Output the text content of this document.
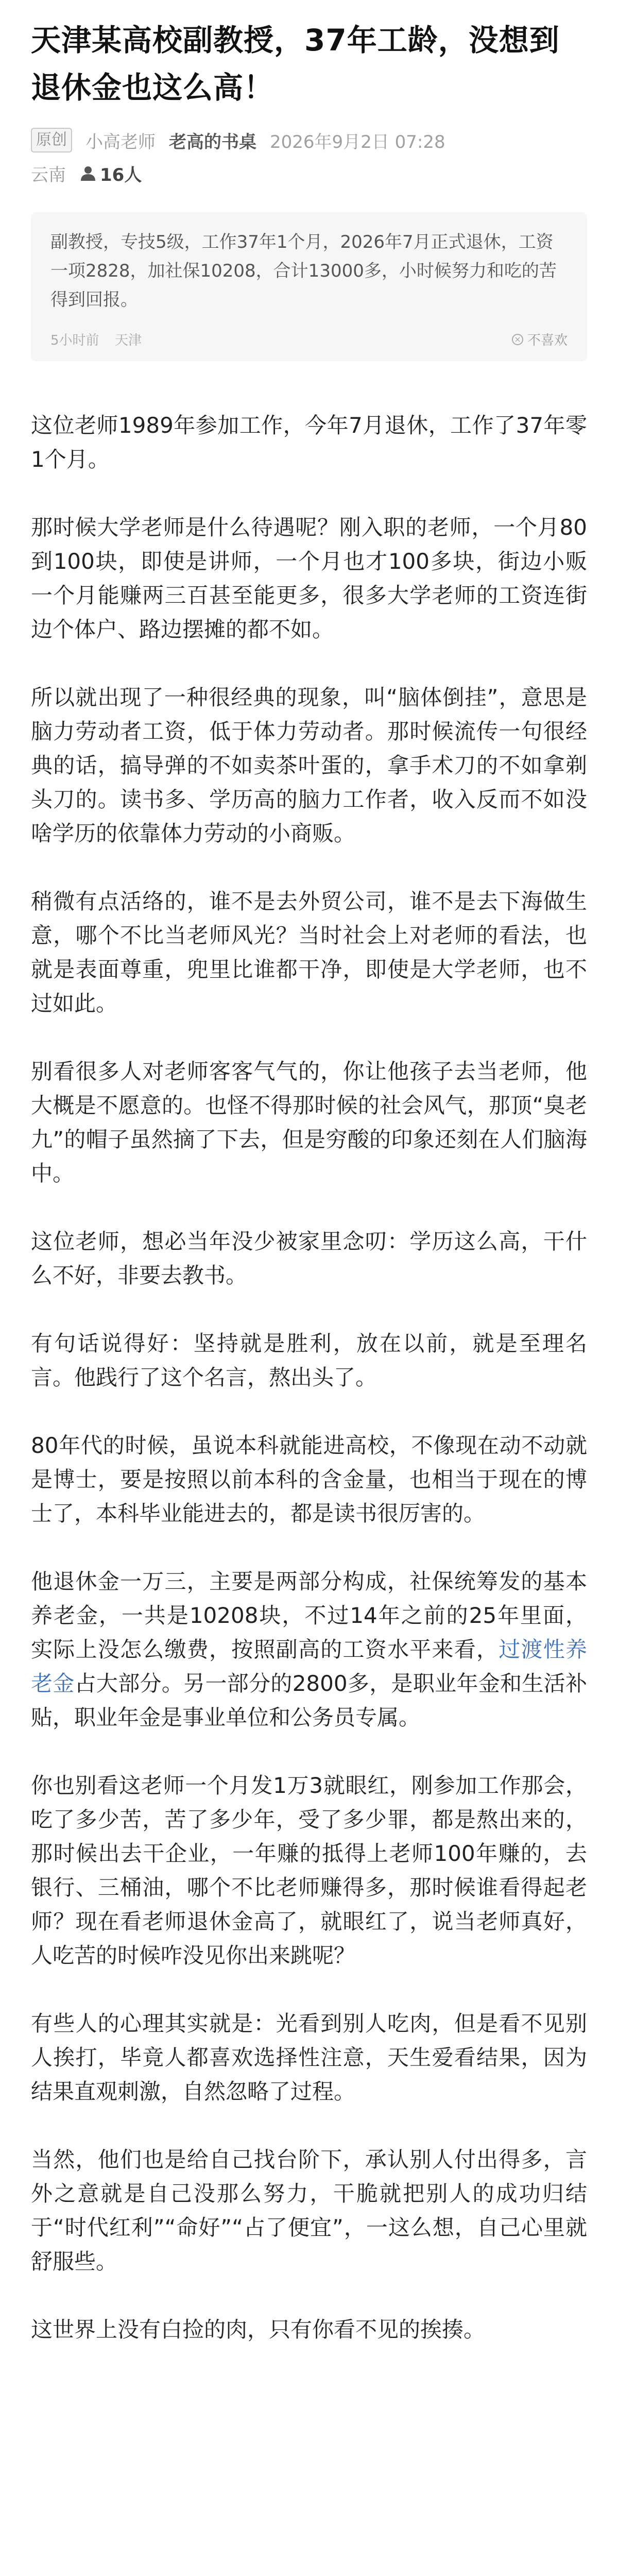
天津某高校副教授，37年工龄，没想到退休金也这么高！
原创 小高老师 老高的书桌 2026年9月2日 07:28
云南 16人

副教授，专技5级，工作37年1个月，2026年7月正式退休，工资一项2828，加社保10208，合计13000多，小时候努力和吃的苦得到回报。

5小时前 天津	× 不喜欢

这位老师1989年参加工作，今年7月退休，工作了37年零1个月。

那时候大学老师是什么待遇呢？刚入职的老师，一个月80到100块，即使是讲师，一个月也才100多块，街边小贩一个月能赚两三百甚至能更多，很多大学老师的工资连街边个体户、路边摆摊的都不如。

所以就出现了一种很经典的现象，叫“脑体倒挂”，意思是脑力劳动者工资，低于体力劳动者。那时候流传一句很经典的话，搞导弹的不如卖茶叶蛋的，拿手术刀的不如拿剃头刀的。读书多、学历高的脑力工作者，收入反而不如没啥学历的依靠体力劳动的小商贩。

稍微有点活络的，谁不是去外贸公司，谁不是去下海做生意，哪个不比当老师风光？当时社会上对老师的看法，也就是表面尊重，兜里比谁都干净，即使是大学老师，也不过如此。

别看很多人对老师客客气气的，你让他孩子去当老师，他大概是不愿意的。也怪不得那时候的社会风气，那顶“臭老九”的帽子虽然摘了下去，但是穷酸的印象还刻在人们脑海中。

这位老师，想必当年没少被家里念叨：学历这么高，干什么不好，非要去教书。

有句话说得好：坚持就是胜利，放在以前，就是至理名言。他践行了这个名言，熬出头了。

80年代的时候，虽说本科就能进高校，不像现在动不动就是博士，要是按照以前本科的含金量，也相当于现在的博士了，本科毕业能进去的，都是读书很厉害的。

他退休金一万三，主要是两部分构成，社保统筹发的基本养老金，一共是10208块，不过14年之前的25年里面，实际上没怎么缴费，按照副高的工资水平来看，过渡性养老金占大部分。另一部分的2800多，是职业年金和生活补贴，职业年金是事业单位和公务员专属。

你也别看这老师一个月发1万3就眼红，刚参加工作那会，吃了多少苦，苦了多少年，受了多少罪，都是熬出来的，那时候出去干企业，一年赚的抵得上老师100年赚的，去银行、三桶油，哪个不比老师赚得多，那时候谁看得起老师？现在看老师退休金高了，就眼红了，说当老师真好，人吃苦的时候咋没见你出来跳呢？

有些人的心理其实就是：光看到别人吃肉，但是看不见别人挨打，毕竟人都喜欢选择性注意，天生爱看结果，因为结果直观刺激，自然忽略了过程。

当然，他们也是给自己找台阶下，承认别人付出得多，言外之意就是自己没那么努力，干脆就把别人的成功归结于“时代红利”“命好”“占了便宜”，一这么想，自己心里就舒服些。

这世界上没有白捡的肉，只有你看不见的挨揍。
